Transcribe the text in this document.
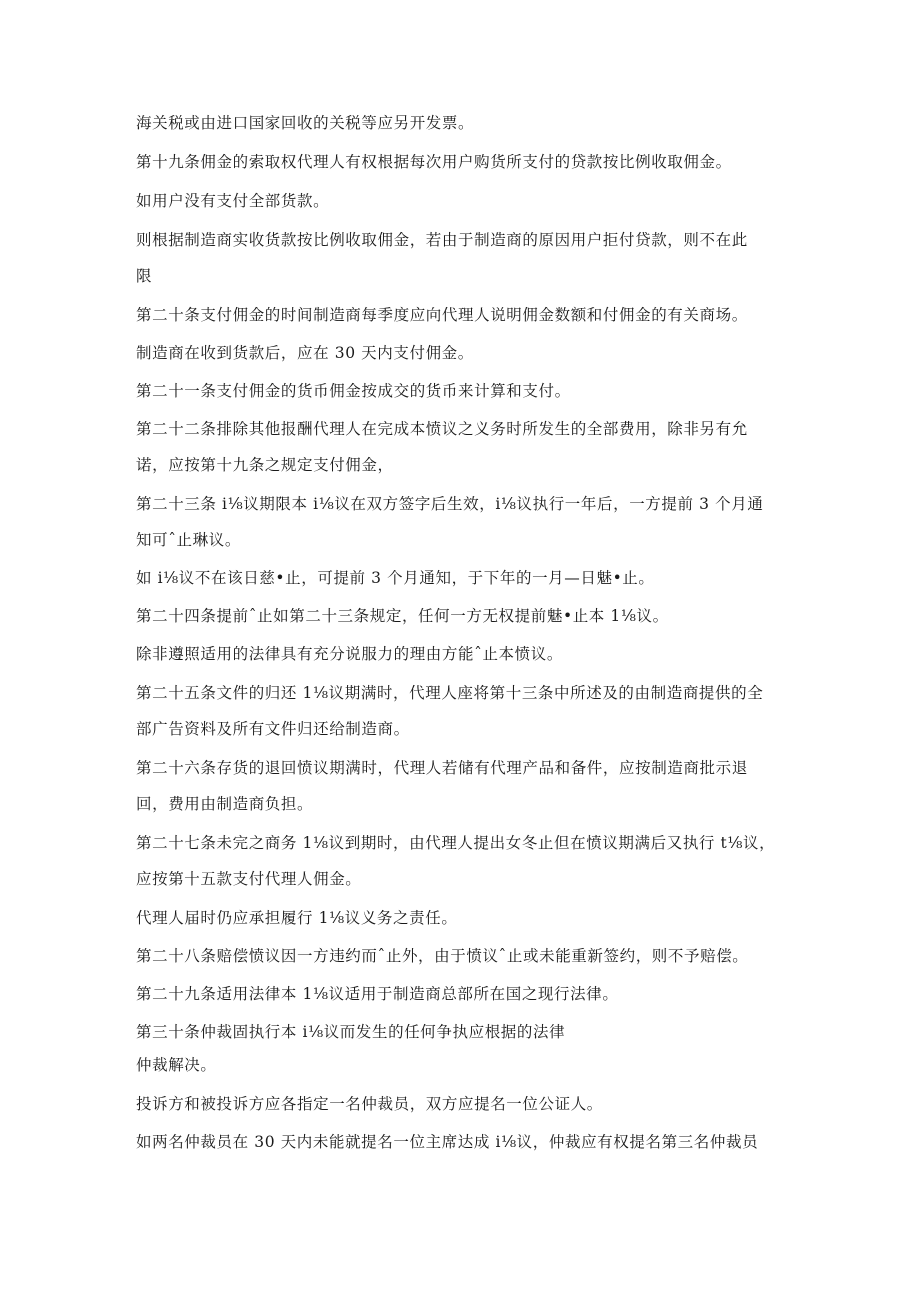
海关税或由进口国家回收的关税等应另开发票。

第十九条佣金的索取权代理人有权根据每次用户购货所支付的贷款按比例收取佣金。

如用户没有支付全部货款。

则根据制造商实收货款按比例收取佣金，若由于制造商的原因用户拒付贷款，则不在此

限

第二十条支付佣金的时间制造商每季度应向代理人说明佣金数额和付佣金的有关商场。

制造商在收到货款后，应在 30 天内支付佣金。

第二十一条支付佣金的货币佣金按成交的货币来计算和支付。

第二十二条排除其他报酬代理人在完成本愤议之义务时所发生的全部费用，除非另有允

诺，应按第十九条之规定支付佣金，

第二十三条 i⅛议期限本 i⅛议在双方签字后生效，i⅛议执行一年后，一方提前 3 个月通

知可ˆ止琳议。

如 i⅛议不在该日慈•止，可提前 3 个月通知，于下年的一月—日魅•止。

第二十四条提前ˆ止如第二十三条规定，任何一方无权提前魅•止本 1⅛议。

除非遵照适用的法律具有充分说服力的理由方能ˆ止本愤议。

第二十五条文件的归还 1⅛议期满时，代理人座将第十三条中所述及的由制造商提供的全

部广告资料及所有文件归还给制造商。

第二十六条存货的退回愤议期满时，代理人若储有代理产品和备件，应按制造商批示退

回，费用由制造商负担。

第二十七条未完之商务 1⅛议到期时，由代理人提出女冬止但在愤议期满后又执行 t⅛议，

应按第十五款支付代理人佣金。

代理人届时仍应承担履行 1⅛议义务之责任。

第二十八条赔偿愤议因一方违约而ˆ止外，由于愤议ˆ止或未能重新签约，则不予赔偿。

第二十九条适用法律本 1⅛议适用于制造商总部所在国之现行法律。

第三十条仲裁固执行本 i⅛议而发生的任何争执应根据的法律

仲裁解决。

投诉方和被投诉方应各指定一名仲裁员，双方应提名一位公证人。

如两名仲裁员在 30 天内未能就提名一位主席达成 i⅛议，仲裁应有权提名第三名仲裁员
